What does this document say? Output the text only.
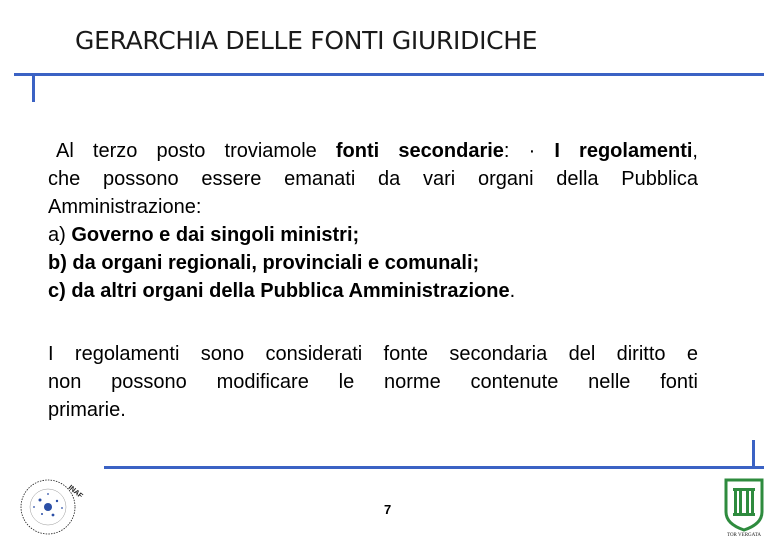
GERARCHIA DELLE FONTI GIURIDICHE

Al terzo posto troviamole fonti secondarie: · I regolamenti,

che possono essere emanati da vari organi della Pubblica

Amministrazione:

a) Governo e dai singoli ministri;

b) da organi regionali, provinciali e comunali;

c) da altri organi della Pubblica Amministrazione.

I regolamenti sono considerati fonte secondaria del diritto e

non possono modificare le norme contenute nelle fonti

primarie.

7
INAF
TOR VERGATA
